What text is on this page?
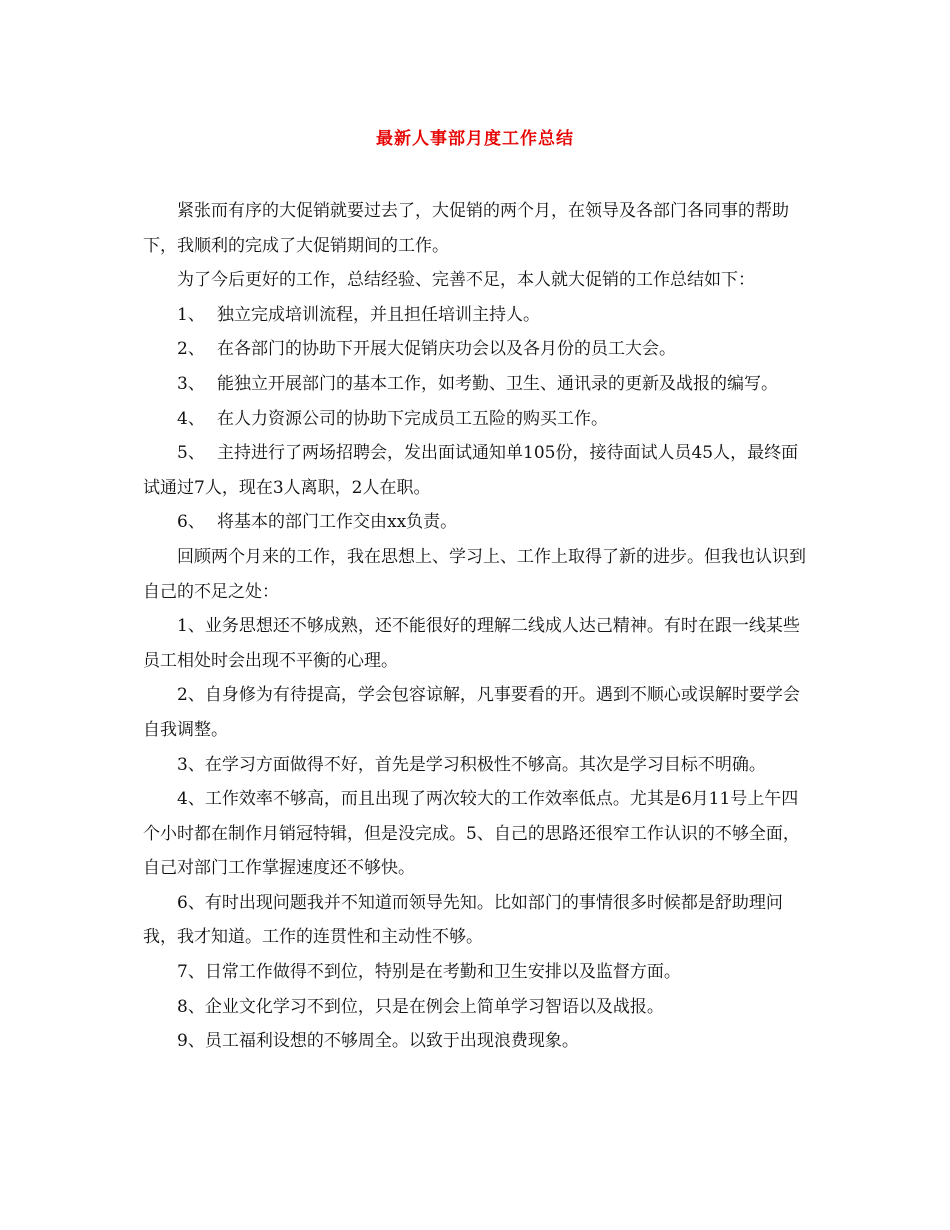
最新人事部月度工作总结

紧张而有序的大促销就要过去了，大促销的两个月，在领导及各部门各同事的帮助下，我顺利的完成了大促销期间的工作。

为了今后更好的工作，总结经验、完善不足，本人就大促销的工作总结如下：

1、 独立完成培训流程，并且担任培训主持人。

2、 在各部门的协助下开展大促销庆功会以及各月份的员工大会。

3、 能独立开展部门的基本工作，如考勤、卫生、通讯录的更新及战报的编写。

4、 在人力资源公司的协助下完成员工五险的购买工作。

5、 主持进行了两场招聘会，发出面试通知单105份，接待面试人员45人，最终面试通过7人，现在3人离职，2人在职。

6、 将基本的部门工作交由xx负责。

回顾两个月来的工作，我在思想上、学习上、工作上取得了新的进步。但我也认识到自己的不足之处：

1、业务思想还不够成熟，还不能很好的理解二线成人达己精神。有时在跟一线某些员工相处时会出现不平衡的心理。

2、自身修为有待提高，学会包容谅解，凡事要看的开。遇到不顺心或误解时要学会自我调整。

3、在学习方面做得不好，首先是学习积极性不够高。其次是学习目标不明确。

4、工作效率不够高，而且出现了两次较大的工作效率低点。尤其是6月11号上午四个小时都在制作月销冠特辑，但是没完成。5、自己的思路还很窄工作认识的不够全面，自己对部门工作掌握速度还不够快。

6、有时出现问题我并不知道而领导先知。比如部门的事情很多时候都是舒助理问我，我才知道。工作的连贯性和主动性不够。

7、日常工作做得不到位，特别是在考勤和卫生安排以及监督方面。

8、企业文化学习不到位，只是在例会上简单学习智语以及战报。

9、员工福利设想的不够周全。以致于出现浪费现象。
